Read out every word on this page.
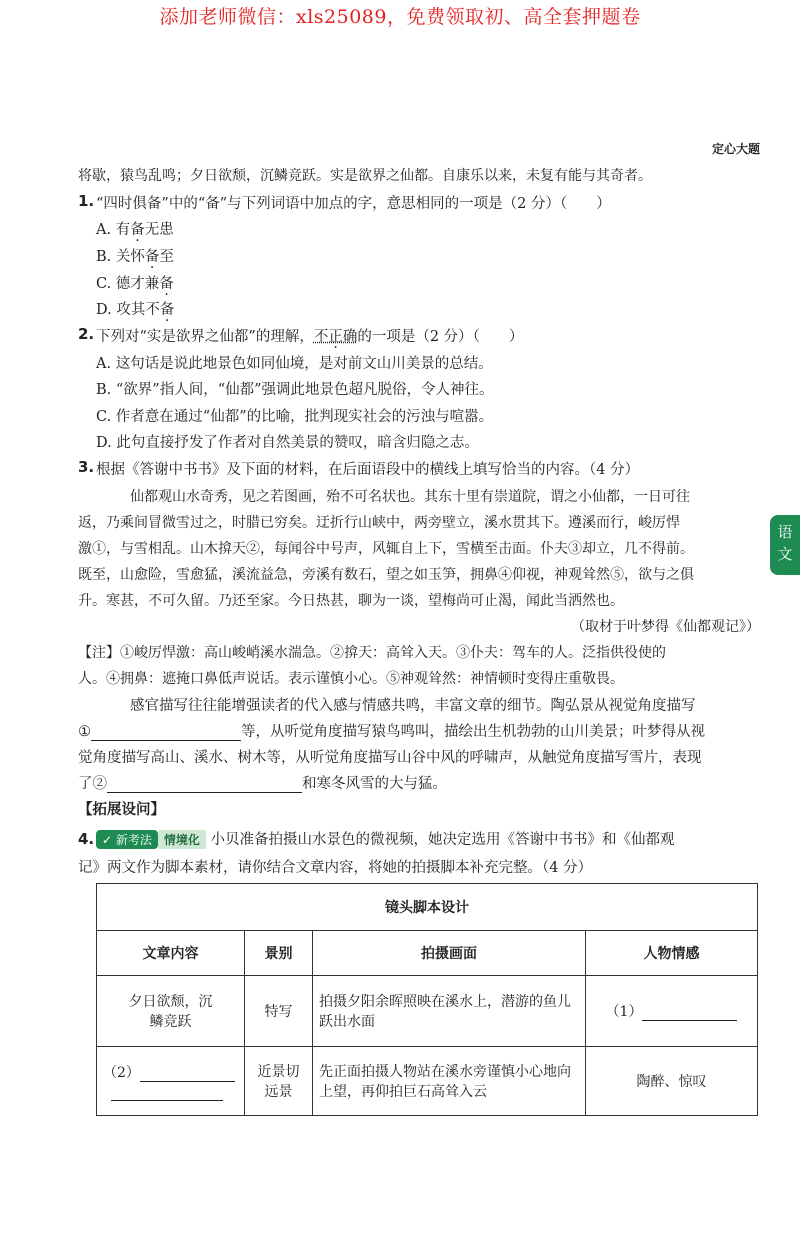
添加老师微信：xls25089，免费领取初、高全套押题卷
定心大题
语文
将歇，猿鸟乱鸣；夕日欲颓，沉鳞竞跃。实是欲界之仙都。自康乐以来，未复有能与其奇者。
1. “四时俱备”中的“备”与下列词语中加点的字，意思相同的一项是（2 分）（　　）
A. 有备无患
B. 关怀备至
C. 德才兼备
D. 攻其不备
2. 下列对“实是欲界之仙都”的理解，不正确的一项是（2 分）（　　）
A. 这句话是说此地景色如同仙境，是对前文山川美景的总结。
B. “欲界”指人间，“仙都”强调此地景色超凡脱俗，令人神往。
C. 作者意在通过“仙都”的比喻，批判现实社会的污浊与喧嚣。
D. 此句直接抒发了作者对自然美景的赞叹，暗含归隐之志。
3. 根据《答谢中书书》及下面的材料，在后面语段中的横线上填写恰当的内容。（4 分）
仙都观山水奇秀，见之若图画，殆不可名状也。其东十里有崇道院，谓之小仙都，一日可往
返，乃乘间冒微雪过之，时腊已穷矣。迂折行山峡中，两旁壁立，溪水贯其下。遵溪而行，峻厉悍
激①，与雪相乱。山木揜天②，每闻谷中号声，风辄自上下，雪横至击面。仆夫③却立，几不得前。
既至，山愈险，雪愈猛，溪流益急，旁溪有数石，望之如玉笋，拥鼻④仰视，神观耸然⑤，欲与之俱
升。寒甚，不可久留。乃还至家。今日热甚，聊为一谈，望梅尚可止渴，闻此当洒然也。
（取材于叶梦得《仙都观记》）
【注】①峻厉悍激：高山峻峭溪水湍急。②揜天：高耸入天。③仆夫：驾车的人。泛指供役使的
人。④拥鼻：遮掩口鼻低声说话。表示谨慎小心。⑤神观耸然：神情顿时变得庄重敬畏。
感官描写往往能增强读者的代入感与情感共鸣，丰富文章的细节。陶弘景从视觉角度描写
①	等，从听觉角度描写猿鸟鸣叫，描绘出生机勃勃的山川美景；叶梦得从视
觉角度描写高山、溪水、树木等，从听觉角度描写山谷中风的呼啸声，从触觉角度描写雪片，表现
了②	和寒冬风雪的大与猛。
【拓展设问】
4. ✓ 新考法 情境化 小贝准备拍摄山水景色的微视频，她决定选用《答谢中书书》和《仙都观
记》两文作为脚本素材，请你结合文章内容，将她的拍摄脚本补充完整。（4 分）
镜头脚本设计			
文章内容	景别	拍摄画面	人物情感
夕日欲颓，沉鳞竞跃	特写	拍摄夕阳余晖照映在溪水上，潜游的鱼儿跃出水面	（1）
（2）	近景切远景	先正面拍摄人物站在溪水旁谨慎小心地向上望，再仰拍巨石高耸入云	陶醉、惊叹
